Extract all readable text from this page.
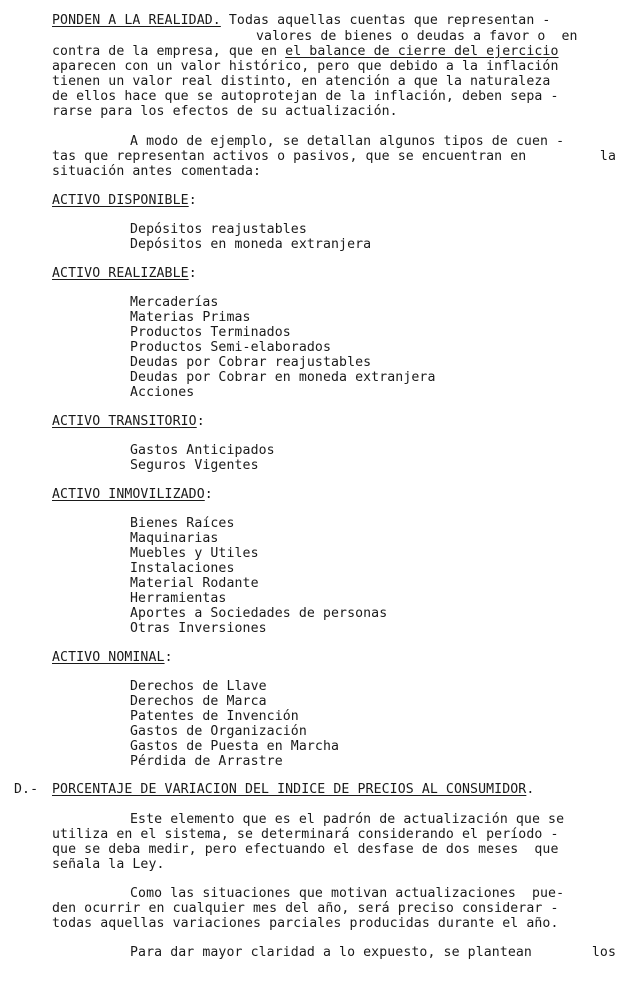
PONDEN A LA REALIDAD. Todas aquellas cuentas que representan -
valores de bienes o deudas a favor o  en
contra de la empresa, que en el balance de cierre del ejercicio
aparecen con un valor histórico, pero que debido a la inflación
tienen un valor real distinto, en atención a que la naturaleza
de ellos hace que se autoprotejan de la inflación, deben sepa -
rarse para los efectos de su actualización.
A modo de ejemplo, se detallan algunos tipos de cuen -
tas que representan activos o pasivos, que se encuentran en	la
situación antes comentada:
ACTIVO DISPONIBLE:
Depósitos reajustables
Depósitos en moneda extranjera
ACTIVO REALIZABLE:
Mercaderías
Materias Primas
Productos Terminados
Productos Semi-elaborados
Deudas por Cobrar reajustables
Deudas por Cobrar en moneda extranjera
Acciones
ACTIVO TRANSITORIO:
Gastos Anticipados
Seguros Vigentes
ACTIVO INMOVILIZADO:
Bienes Raíces
Maquinarias
Muebles y Utiles
Instalaciones
Material Rodante
Herramientas
Aportes a Sociedades de personas
Otras Inversiones
ACTIVO NOMINAL:
Derechos de Llave
Derechos de Marca
Patentes de Invención
Gastos de Organización
Gastos de Puesta en Marcha
Pérdida de Arrastre
D.- PORCENTAJE DE VARIACION DEL INDICE DE PRECIOS AL CONSUMIDOR.
Este elemento que es el padrón de actualización que se
utiliza en el sistema, se determinará considerando el período -
que se deba medir, pero efectuando el desfase de dos meses  que
señala la Ley.
Como las situaciones que motivan actualizaciones  pue-
den ocurrir en cualquier mes del año, será preciso considerar -
todas aquellas variaciones parciales producidas durante el año.
Para dar mayor claridad a lo expuesto, se plantean	los
